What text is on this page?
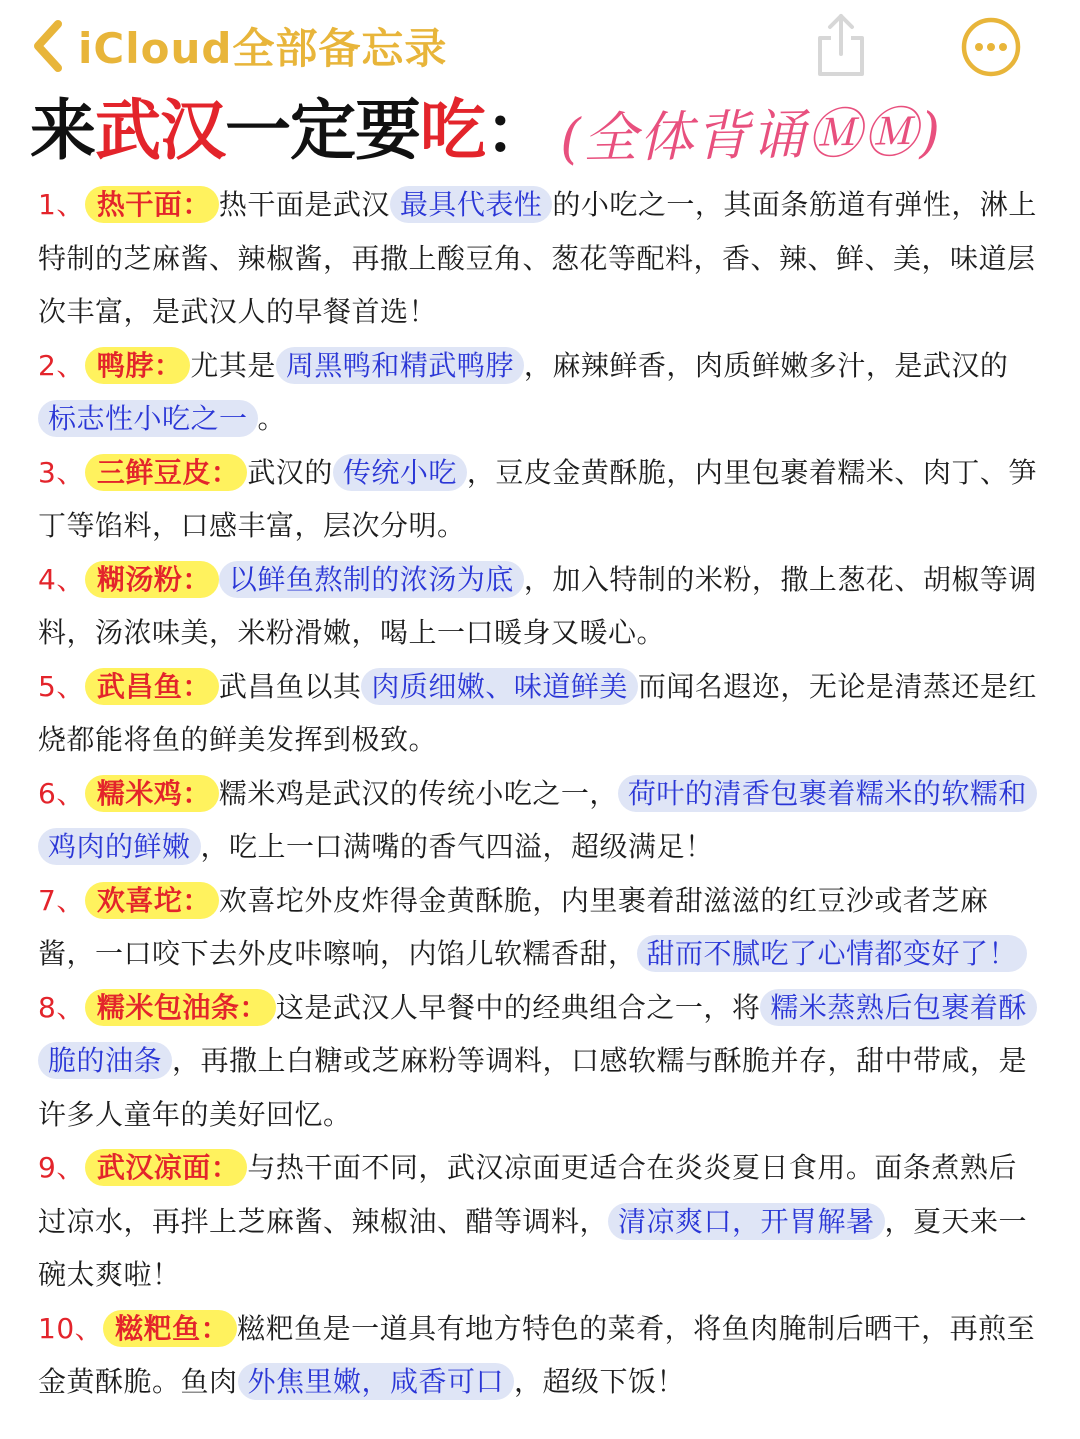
iCloud全部备忘录
来武汉一定要吃： (全体背诵ⓂⓂ)

1、 热干面： 热干面是武汉 最具代表性 的小吃之一，其面条筋道有弹性，淋上特制的芝麻酱、辣椒酱，再撒上酸豆角、葱花等配料，香、辣、鲜、美，味道层次丰富，是武汉人的早餐首选！

2、 鸭脖： 尤其是 周黑鸭和精武鸭脖 ，麻辣鲜香，肉质鲜嫩多汁，是武汉的标志性小吃之一 。

3、 三鲜豆皮： 武汉的 传统小吃 ，豆皮金黄酥脆，内里包裹着糯米、肉丁、笋丁等馅料，口感丰富，层次分明。

4、 糊汤粉： 以鲜鱼熬制的浓汤为底 ，加入特制的米粉，撒上葱花、胡椒等调料，汤浓味美，米粉滑嫩，喝上一口暖身又暖心。

5、 武昌鱼： 武昌鱼以其 肉质细嫩、味道鲜美 而闻名遐迩，无论是清蒸还是红烧都能将鱼的鲜美发挥到极致。

6、 糯米鸡： 糯米鸡是武汉的传统小吃之一， 荷叶的清香包裹着糯米的软糯和鸡肉的鲜嫩 ，吃上一口满嘴的香气四溢，超级满足！

7、 欢喜坨： 欢喜坨外皮炸得金黄酥脆，内里裹着甜滋滋的红豆沙或者芝麻酱，一口咬下去外皮咔嚓响，内馅儿软糯香甜， 甜而不腻吃了心情都变好了！

8、 糯米包油条： 这是武汉人早餐中的经典组合之一，将 糯米蒸熟后包裹着酥脆的油条 ，再撒上白糖或芝麻粉等调料，口感软糯与酥脆并存，甜中带咸，是许多人童年的美好回忆。

9、 武汉凉面： 与热干面不同，武汉凉面更适合在炎炎夏日食用。面条煮熟后过凉水，再拌上芝麻酱、辣椒油、醋等调料， 清凉爽口，开胃解暑 ，夏天来一碗太爽啦！

10、 糍粑鱼： 糍粑鱼是一道具有地方特色的菜肴，将鱼肉腌制后晒干，再煎至金黄酥脆。鱼肉 外焦里嫩，咸香可口 ，超级下饭！
